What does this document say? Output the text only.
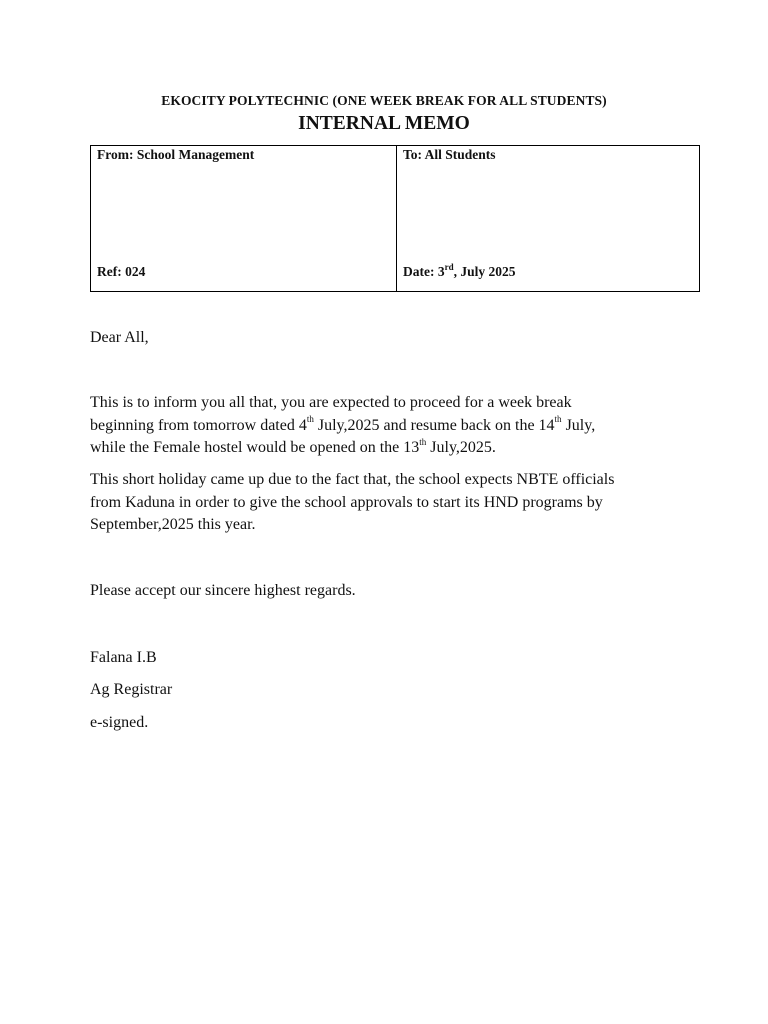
EKOCITY POLYTECHNIC (ONE WEEK BREAK FOR ALL STUDENTS)
INTERNAL MEMO
From: School Management	To: All Students
Ref: 024	Date: 3rd, July 2025
Dear All,
This is to inform you all that, you are expected to proceed for a week break
beginning from tomorrow dated 4th July,2025 and resume back on the 14th July,
while the Female hostel would be opened on the 13th July,2025.
This short holiday came up due to the fact that, the school expects NBTE officials
from Kaduna in order to give the school approvals to start its HND programs by
September,2025 this year.
Please accept our sincere highest regards.
Falana I.B
Ag Registrar
e-signed.
